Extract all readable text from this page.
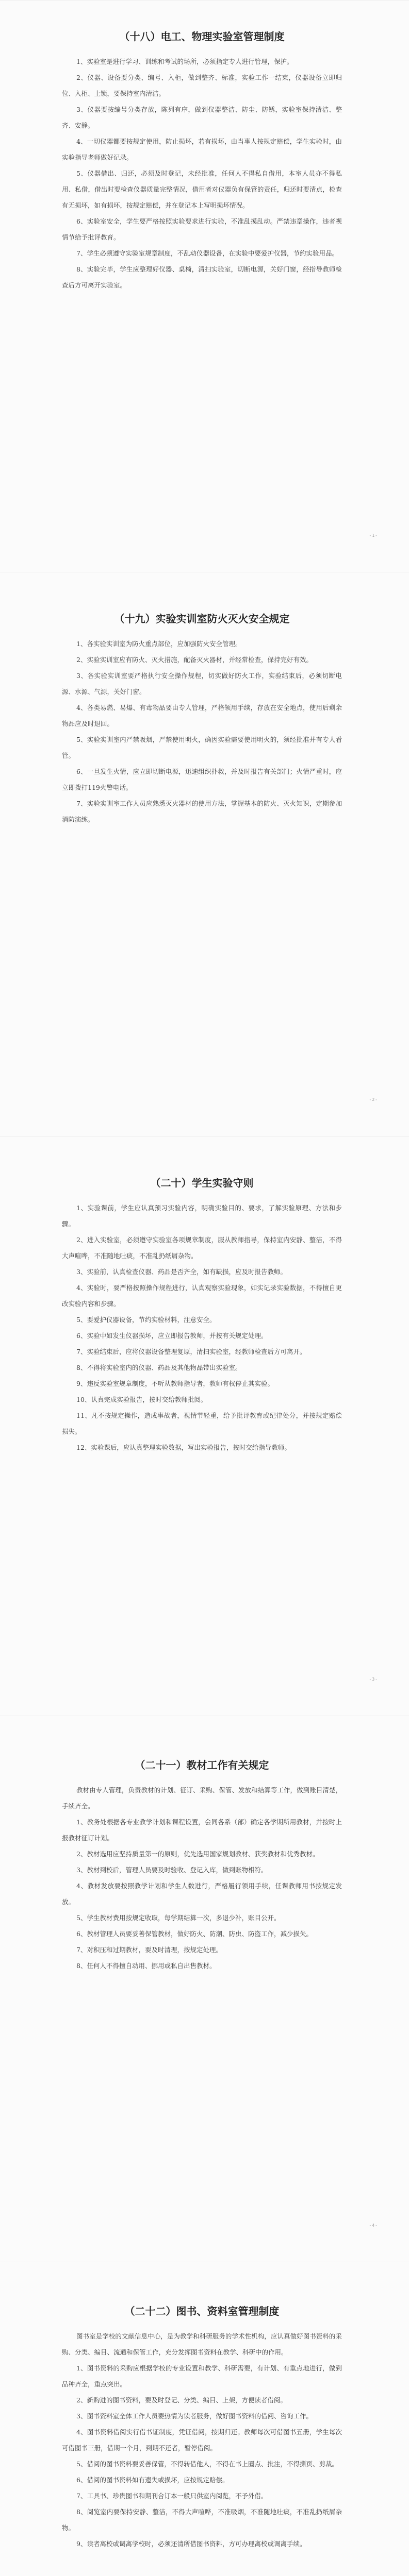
（十八）电工、物理实验室管理制度

1、实验室是进行学习、训练和考试的场所，必须指定专人进行管理，保护。

2、仪器、设备要分类、编号、入柜，做到整齐、标准，实验工作一结束，仪器设备立即归位、入柜、上锁，要保持室内清洁。

3、仪器要按编号分类存放，陈列有序，做到仪器整洁、防尘、防锈，实验室保持清洁、整齐、安静。

4、一切仪器都要按规定使用，防止损坏，若有损坏，由当事人按规定赔偿，学生实验时，由实验指导老师做好记录。

5、仪器借出、归还，必须及时登记，未经批准，任何人不得私自借用，本室人员亦不得私用、私借，借出时要检查仪器质量完整情况，借用者对仪器负有保管的责任，归还时要清点，检查有无损坏，如有损坏，按规定赔偿，并在登记本上写明损坏情况。

6、实验室安全，学生要严格按照实验要求进行实验，不准乱摸乱动。严禁违章操作，违者视情节给予批评教育。

7、学生必须遵守实验室规章制度，不乱动仪器设备，在实验中要爱护仪器，节约实验用品。

8、实验完毕，学生应整理好仪器、桌椅，清扫实验室，切断电源，关好门窗，经指导教师检查后方可离开实验室。

-1-
（十九）实验实训室防火灭火安全规定

1、各实验实训室为防火重点部位，应加强防火安全管理。

2、实验实训室应有防火、灭火措施，配备灭火器材，并经常检查，保持完好有效。

3、各实验实训室要严格执行安全操作规程，切实做好防火工作，实验结束后，必须切断电源、水源、气源，关好门窗。

4、各类易燃、易爆、有毒物品要由专人管理，严格领用手续，存放在安全地点，使用后剩余物品应及时退回。

5、实验实训室内严禁吸烟，严禁使用明火，确因实验需要使用明火的，须经批准并有专人看管。

6、一旦发生火情，应立即切断电源，迅速组织扑救，并及时报告有关部门；火情严重时，应立即拨打119火警电话。

7、实验实训室工作人员应熟悉灭火器材的使用方法，掌握基本的防火、灭火知识，定期参加消防演练。

-2-
（二十）学生实验守则

1、实验课前，学生应认真预习实验内容，明确实验目的、要求，了解实验原理、方法和步骤。

2、进入实验室，必须遵守实验室各项规章制度，服从教师指导，保持室内安静、整洁，不得大声喧哗，不准随地吐痰，不准乱扔纸屑杂物。

3、实验前，认真检查仪器、药品是否齐全，如有缺损，应及时报告教师。

4、实验时，要严格按照操作规程进行，认真观察实验现象，如实记录实验数据，不得擅自更改实验内容和步骤。

5、要爱护仪器设备，节约实验材料，注意安全。

6、实验中如发生仪器损坏，应立即报告教师，并按有关规定处理。

7、实验结束后，应将仪器设备整理复原，清扫实验室，经教师检查后方可离开。

8、不得将实验室内的仪器、药品及其他物品带出实验室。

9、违反实验室规章制度，不听从教师指导者，教师有权停止其实验。

10、认真完成实验报告，按时交给教师批阅。

11、凡不按规定操作，造成事故者，视情节轻重，给予批评教育或纪律处分，并按规定赔偿损失。

12、实验课后，应认真整理实验数据，写出实验报告，按时交给指导教师。

-3-
（二十一）教材工作有关规定

教材由专人管理，负责教材的计划、征订、采购、保管、发放和结算等工作，做到账目清楚，手续齐全。

1、教务处根据各专业教学计划和课程设置，会同各系（部）确定各学期所用教材，并按时上报教材征订计划。

2、教材选用应坚持质量第一的原则，优先选用国家规划教材、获奖教材和优秀教材。

3、教材到校后，管理人员要及时验收、登记入库，做到账物相符。

4、教材发放要按照教学计划和学生人数进行，严格履行领用手续，任课教师用书按规定发放。

5、学生教材费用按规定收取，每学期结算一次，多退少补，账目公开。

6、教材管理人员要妥善保管教材，做好防火、防潮、防虫、防盗工作，减少损失。

7、对积压和过期教材，要及时清理，按规定处理。

8、任何人不得擅自动用、挪用或私自出售教材。

-4-
（二十二）图书、资料室管理制度

图书室是学校的文献信息中心，是为教学和科研服务的学术性机构，应认真做好图书资料的采购、分类、编目、流通和保管工作，充分发挥图书资料在教学、科研中的作用。

1、图书资料的采购应根据学校的专业设置和教学、科研需要，有计划、有重点地进行，做到品种齐全，重点突出。

2、新购进的图书资料，要及时登记、分类、编目、上架，方便读者借阅。

3、图书资料室全体工作人员要热情为读者服务，做好图书资料的借阅、咨询工作。

4、图书资料借阅实行借书证制度，凭证借阅，按期归还。教师每次可借图书五册，学生每次可借图书三册，借期一个月，到期不还者，暂停借阅。

5、借阅的图书资料要妥善保管，不得转借他人，不得在书上圈点、批注，不得撕页、剪裁。

6、借阅的图书资料如有遗失或损坏，应按规定赔偿。

7、工具书、珍贵图书和期刊合订本一般只供室内阅览，不予外借。

8、阅览室内要保持安静、整洁，不得大声喧哗，不准吸烟，不准随地吐痰，不准乱扔纸屑杂物。

9、读者离校或调离学校时，必须还清所借图书资料，方可办理离校或调离手续。
